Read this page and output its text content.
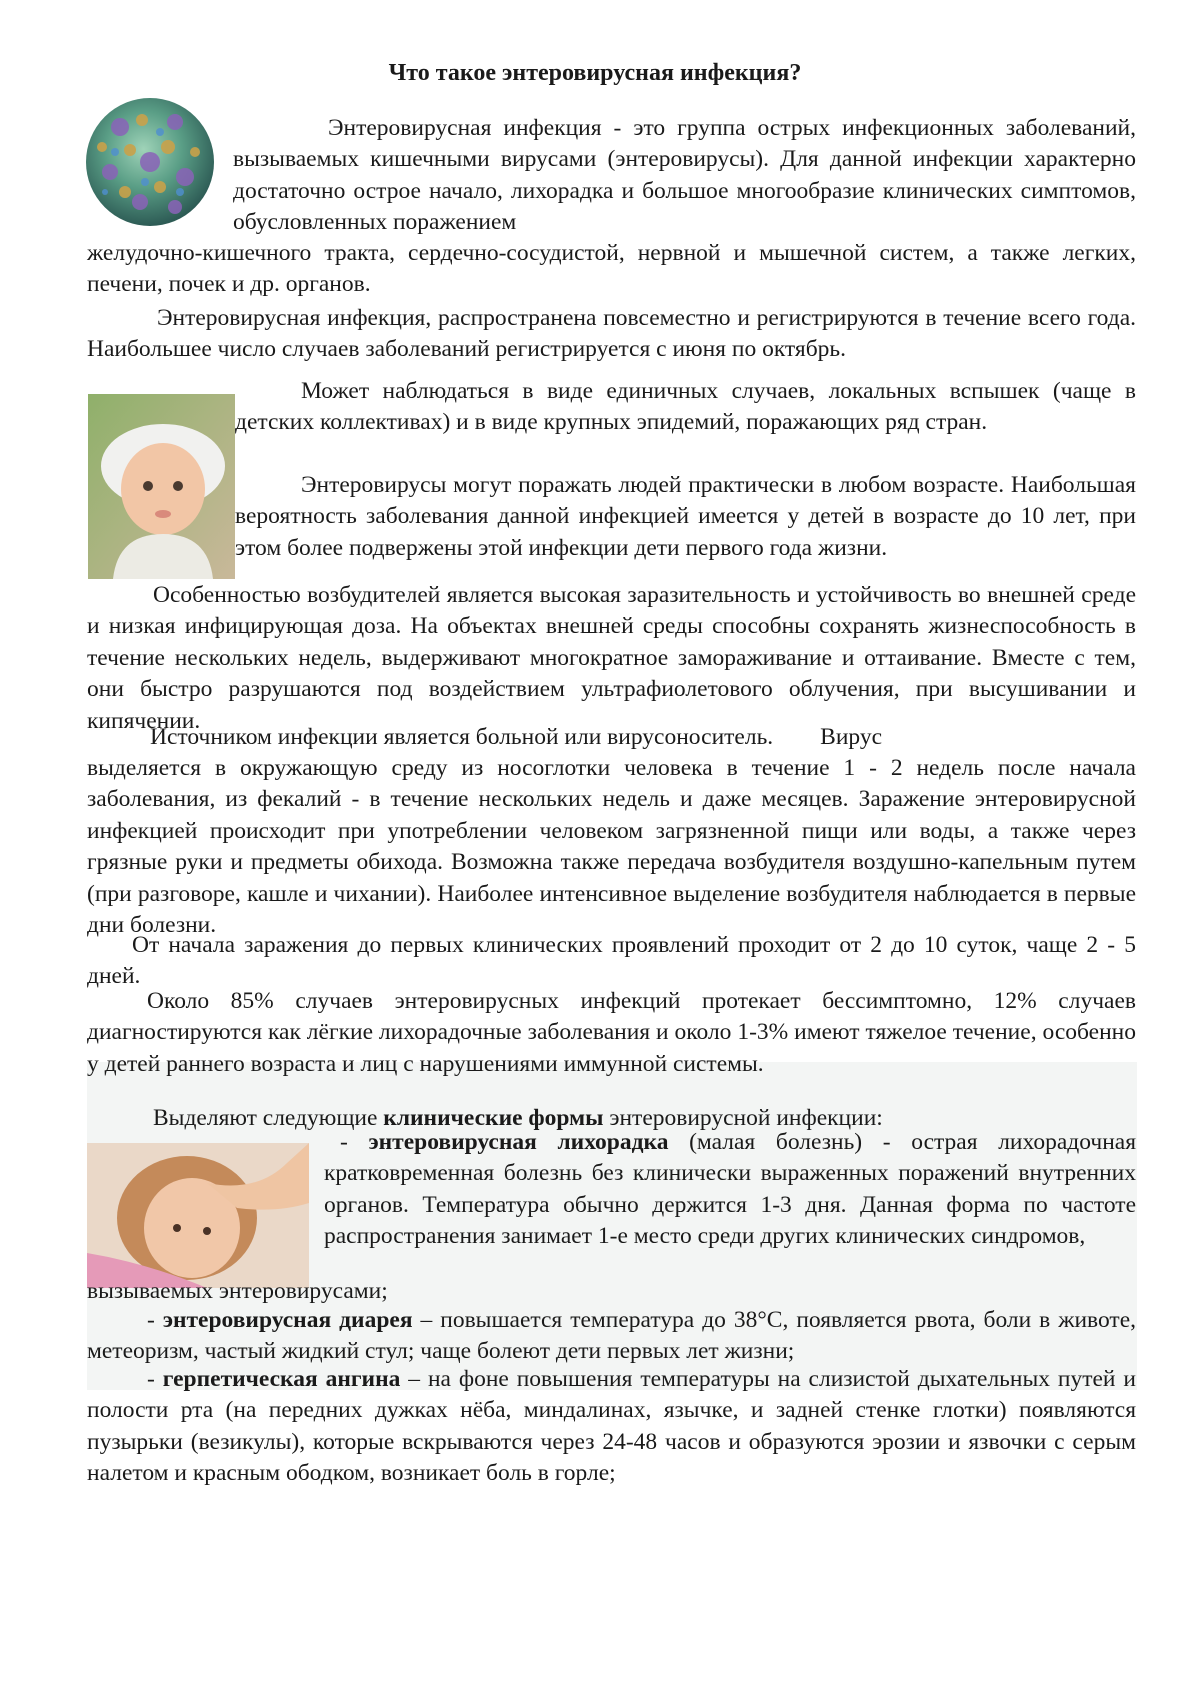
Что такое энтеровирусная инфекция?

Энтеровирусная инфекция - это группа острых инфекционных заболеваний, вызываемых кишечными вирусами (энтеровирусы). Для данной инфекции характерно достаточно острое начало, лихорадка и большое многообразие клинических симптомов, обусловленных поражением

желудочно-кишечного тракта, сердечно-сосудистой, нервной и мышечной систем, а также легких, печени, почек и др. органов.

Энтеровирусная инфекция, распространена повсеместно и регистрируются в течение всего года. Наибольшее число случаев заболеваний регистрируется с июня по октябрь.

Может наблюдаться в виде единичных случаев, локальных вспышек (чаще в детских коллективах) и в виде крупных эпидемий, поражающих ряд стран.

Энтеровирусы могут поражать людей практически в любом возрасте. Наибольшая вероятность заболевания данной инфекцией имеется у детей в возрасте до 10 лет, при этом более подвержены этой инфекции дети первого года жизни.

Особенностью возбудителей является высокая заразительность и устойчивость во внешней среде и низкая инфицирующая доза. На объектах внешней среды способны сохранять жизнеспособность в течение нескольких недель, выдерживают многократное замораживание и оттаивание. Вместе с тем, они быстро разрушаются под воздействием ультрафиолетового облучения, при высушивании и кипячении.

Источником инфекции является больной или вирусоноситель.        Вирус

выделяется в окружающую среду из носоглотки человека в течение 1 - 2 недель после начала заболевания, из фекалий - в течение нескольких недель и даже месяцев. Заражение энтеровирусной инфекцией происходит при употреблении человеком загрязненной пищи или воды, а также через грязные руки и предметы обихода. Возможна также передача возбудителя воздушно-капельным путем (при разговоре, кашле и чихании). Наиболее интенсивное выделение возбудителя наблюдается в первые дни болезни.

От начала заражения до первых клинических проявлений проходит от 2 до 10 суток, чаще 2 - 5 дней.

Около 85% случаев энтеровирусных инфекций протекает бессимптомно, 12% случаев диагностируются как лёгкие лихорадочные заболевания и около 1-3% имеют тяжелое течение, особенно у детей раннего возраста и лиц с нарушениями иммунной системы.

Выделяют следующие клинические формы энтеровирусной инфекции:

- энтеровирусная лихорадка (малая болезнь) - острая лихорадочная кратковременная болезнь без клинически выраженных поражений внутренних органов. Температура обычно держится 1-3 дня. Данная форма по частоте распространения занимает 1-е место среди других клинических синдромов,

вызываемых энтеровирусами;

- энтеровирусная диарея – повышается температура до 38°С, появляется рвота, боли в животе, метеоризм, частый жидкий стул; чаще болеют дети первых лет жизни;

- герпетическая ангина – на фоне повышения температуры на слизистой дыхательных путей и полости рта (на передних дужках нёба, миндалинах, язычке, и задней стенке глотки) появляются пузырьки (везикулы), которые вскрываются через 24-48 часов и образуются эрозии и язвочки с серым налетом и красным ободком, возникает боль в горле;
